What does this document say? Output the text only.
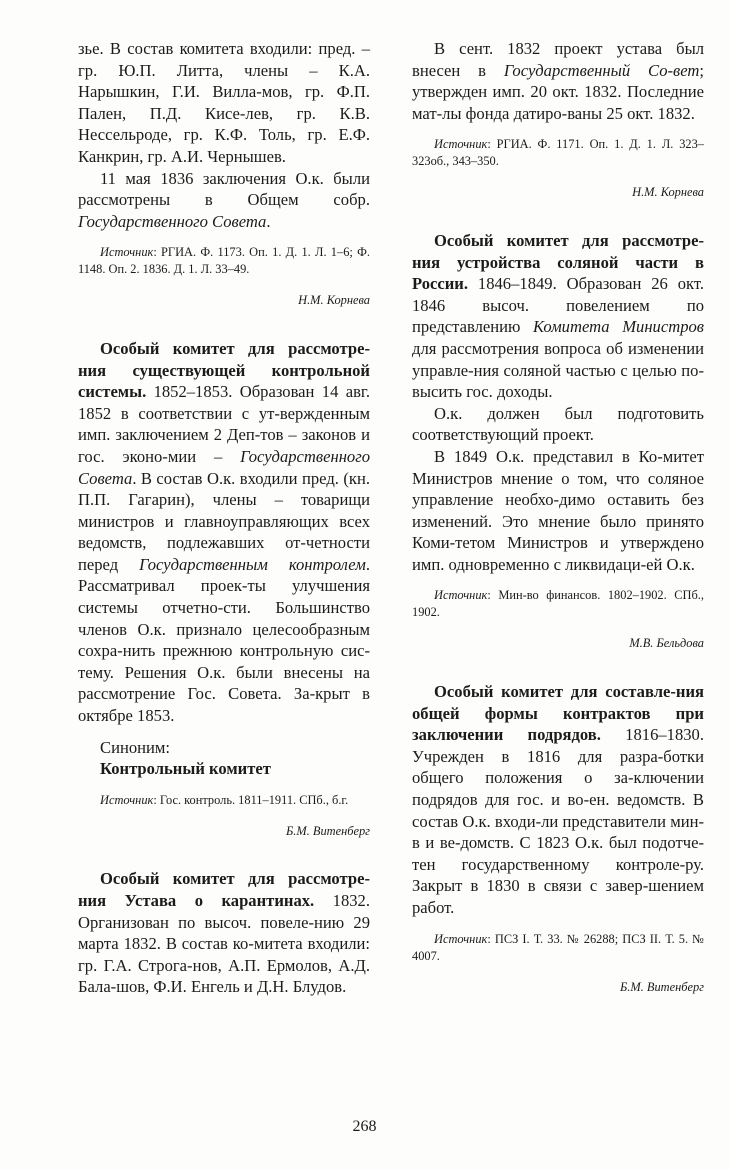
зье. В состав комитета входили: пред. – гр. Ю.П. Литта, члены – К.А. Нарышкин, Г.И. Виллa-мов, гр. Ф.П. Пален, П.Д. Кисе-лев, гр. К.В. Нессельроде, гр. К.Ф. Толь, гр. Е.Ф. Канкрин, гр. А.И. Чернышев.

11 мая 1836 заключения О.к. были рассмотрены в Общем собр. Государственного Совета.

Источник: РГИА. Ф. 1173. Оп. 1. Д. 1. Л. 1–6; Ф. 1148. Оп. 2. 1836. Д. 1. Л. 33–49.

Н.М. Корнева

Особый комитет для рассмотре-ния существующей контрольной системы. 1852–1853. Образован 14 авг. 1852 в соответствии с ут-вержденным имп. заключением 2 Деп-тов – законов и гос. эконо-мии – Государственного Совета. В состав О.к. входили пред. (кн. П.П. Гагарин), члены – товарищи министров и главноуправляющих всех ведомств, подлежавших от-четности перед Государственным контролем. Рассматривал проек-ты улучшения системы отчетно-сти. Большинство членов О.к. признало целесообразным сохра-нить прежнюю контрольную сис-тему. Решения О.к. были внесены на рассмотрение Гос. Совета. За-крыт в октябре 1853.

Синоним:

Контрольный комитет

Источник: Гос. контроль. 1811–1911. СПб., б.г.

Б.М. Витенберг

Особый комитет для рассмотре-ния Устава о карантинах. 1832. Организован по высоч. повеле-нию 29 марта 1832. В состав ко-митета входили: гр. Г.А. Строга-нов, А.П. Ермолов, А.Д. Бала-шов, Ф.И. Енгель и Д.Н. Блудов.

В сент. 1832 проект устава был внесен в Государственный Со-вет; утвержден имп. 20 окт. 1832. Последние мат-лы фонда датиро-ваны 25 окт. 1832.

Источник: РГИА. Ф. 1171. Оп. 1. Д. 1. Л. 323–323об., 343–350.

Н.М. Корнева

Особый комитет для рассмотре-ния устройства соляной части в России. 1846–1849. Образован 26 окт. 1846 высоч. повелением по представлению Комитета Министров для рассмотрения вопроса об изменении управле-ния соляной частью с целью по-высить гос. доходы.

О.к. должен был подготовить соответствующий проект.

В 1849 О.к. представил в Ко-митет Министров мнение о том, что соляное управление необхо-димо оставить без изменений. Это мнение было принято Коми-тетом Министров и утверждено имп. одновременно с ликвидаци-ей О.к.

Источник: Мин-во финансов. 1802–1902. СПб., 1902.

М.В. Бельдова

Особый комитет для составле-ния общей формы контрактов при заключении подрядов. 1816–1830. Учрежден в 1816 для разра-ботки общего положения о за-ключении подрядов для гос. и во-ен. ведомств. В состав О.к. входи-ли представители мин-в и ве-домств. С 1823 О.к. был подотче-тен государственному контроле-ру. Закрыт в 1830 в связи с завер-шением работ.

Источник: ПСЗ I. Т. 33. № 26288; ПСЗ II. Т. 5. № 4007.

Б.М. Витенберг
268
